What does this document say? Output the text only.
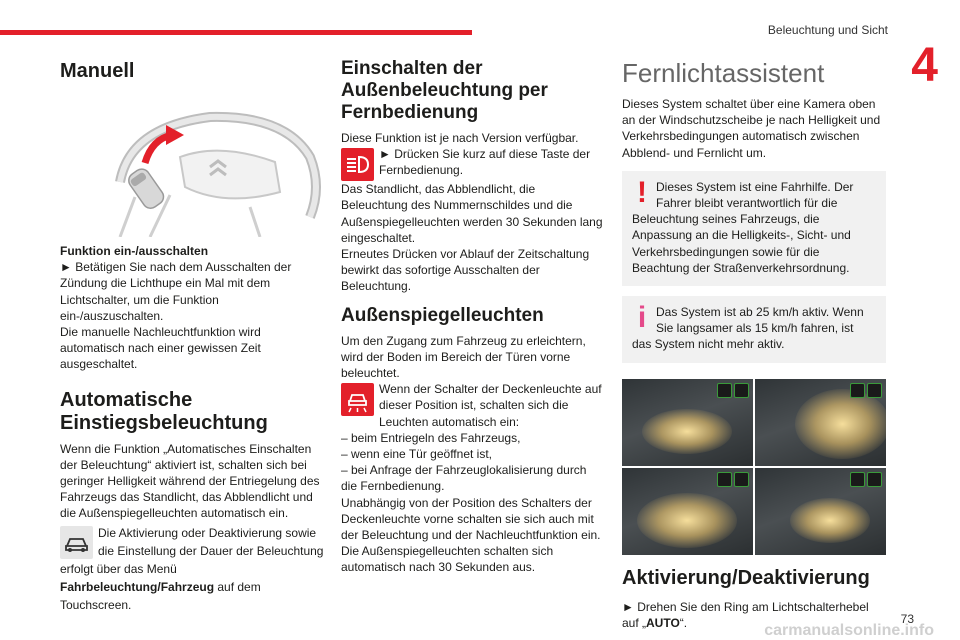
Beleuchtung und Sicht
4
Manuell

Funktion ein-/ausschalten

► Betätigen Sie nach dem Ausschalten der Zündung die Lichthupe ein Mal mit dem Lichtschalter, um die Funktion ein-/auszuschalten.

Die manuelle Nachleuchtfunktion wird automatisch nach einer gewissen Zeit ausgeschaltet.

Automatische Einstiegsbeleuchtung

Wenn die Funktion „Automatisches Einschalten der Beleuchtung“ aktiviert ist, schalten sich bei geringer Helligkeit während der Entriegelung des Fahrzeugs das Standlicht, das Abblendlicht und die Außenspiegelleuchten automatisch ein.

Die Aktivierung oder Deaktivierung sowie die Einstellung der Dauer der Beleuchtung erfolgt über das Menü Fahrbeleuchtung/Fahrzeug auf dem Touchscreen.

Einschalten der Außenbeleuchtung per Fernbedienung

Diese Funktion ist je nach Version verfügbar.

► Drücken Sie kurz auf diese Taste der Fernbedienung.

Das Standlicht, das Abblendlicht, die Beleuchtung des Nummernschildes und die Außenspiegelleuchten werden 30 Sekunden lang eingeschaltet.

Erneutes Drücken vor Ablauf der Zeitschaltung bewirkt das sofortige Ausschalten der Beleuchtung.

Außenspiegelleuchten

Um den Zugang zum Fahrzeug zu erleichtern, wird der Boden im Bereich der Türen vorne beleuchtet.

Wenn der Schalter der Deckenleuchte auf dieser Position ist, schalten sich die Leuchten automatisch ein:

– beim Entriegeln des Fahrzeugs,

– wenn eine Tür geöffnet ist,

– bei Anfrage der Fahrzeuglokalisierung durch die Fernbedienung.

Unabhängig von der Position des Schalters der Deckenleuchte vorne schalten sie sich auch mit der Beleuchtung und der Nachleuchtfunktion ein.

Die Außenspiegelleuchten schalten sich automatisch nach 30 Sekunden aus.

Fernlichtassistent

Dieses System schaltet über eine Kamera oben an der Windschutzscheibe je nach Helligkeit und Verkehrsbedingungen automatisch zwischen Abblend- und Fernlicht um.

! Dieses System ist eine Fahrhilfe. Der Fahrer bleibt verantwortlich für die Beleuchtung seines Fahrzeugs, die Anpassung an die Helligkeits-, Sicht- und Verkehrsbedingungen sowie für die Beachtung der Straßenverkehrsordnung.

i Das System ist ab 25 km/h aktiv. Wenn Sie langsamer als 15 km/h fahren, ist das System nicht mehr aktiv.

Aktivierung/Deaktivierung

► Drehen Sie den Ring am Lichtschalterhebel auf „AUTO“.	73
carmanualsonline.info
